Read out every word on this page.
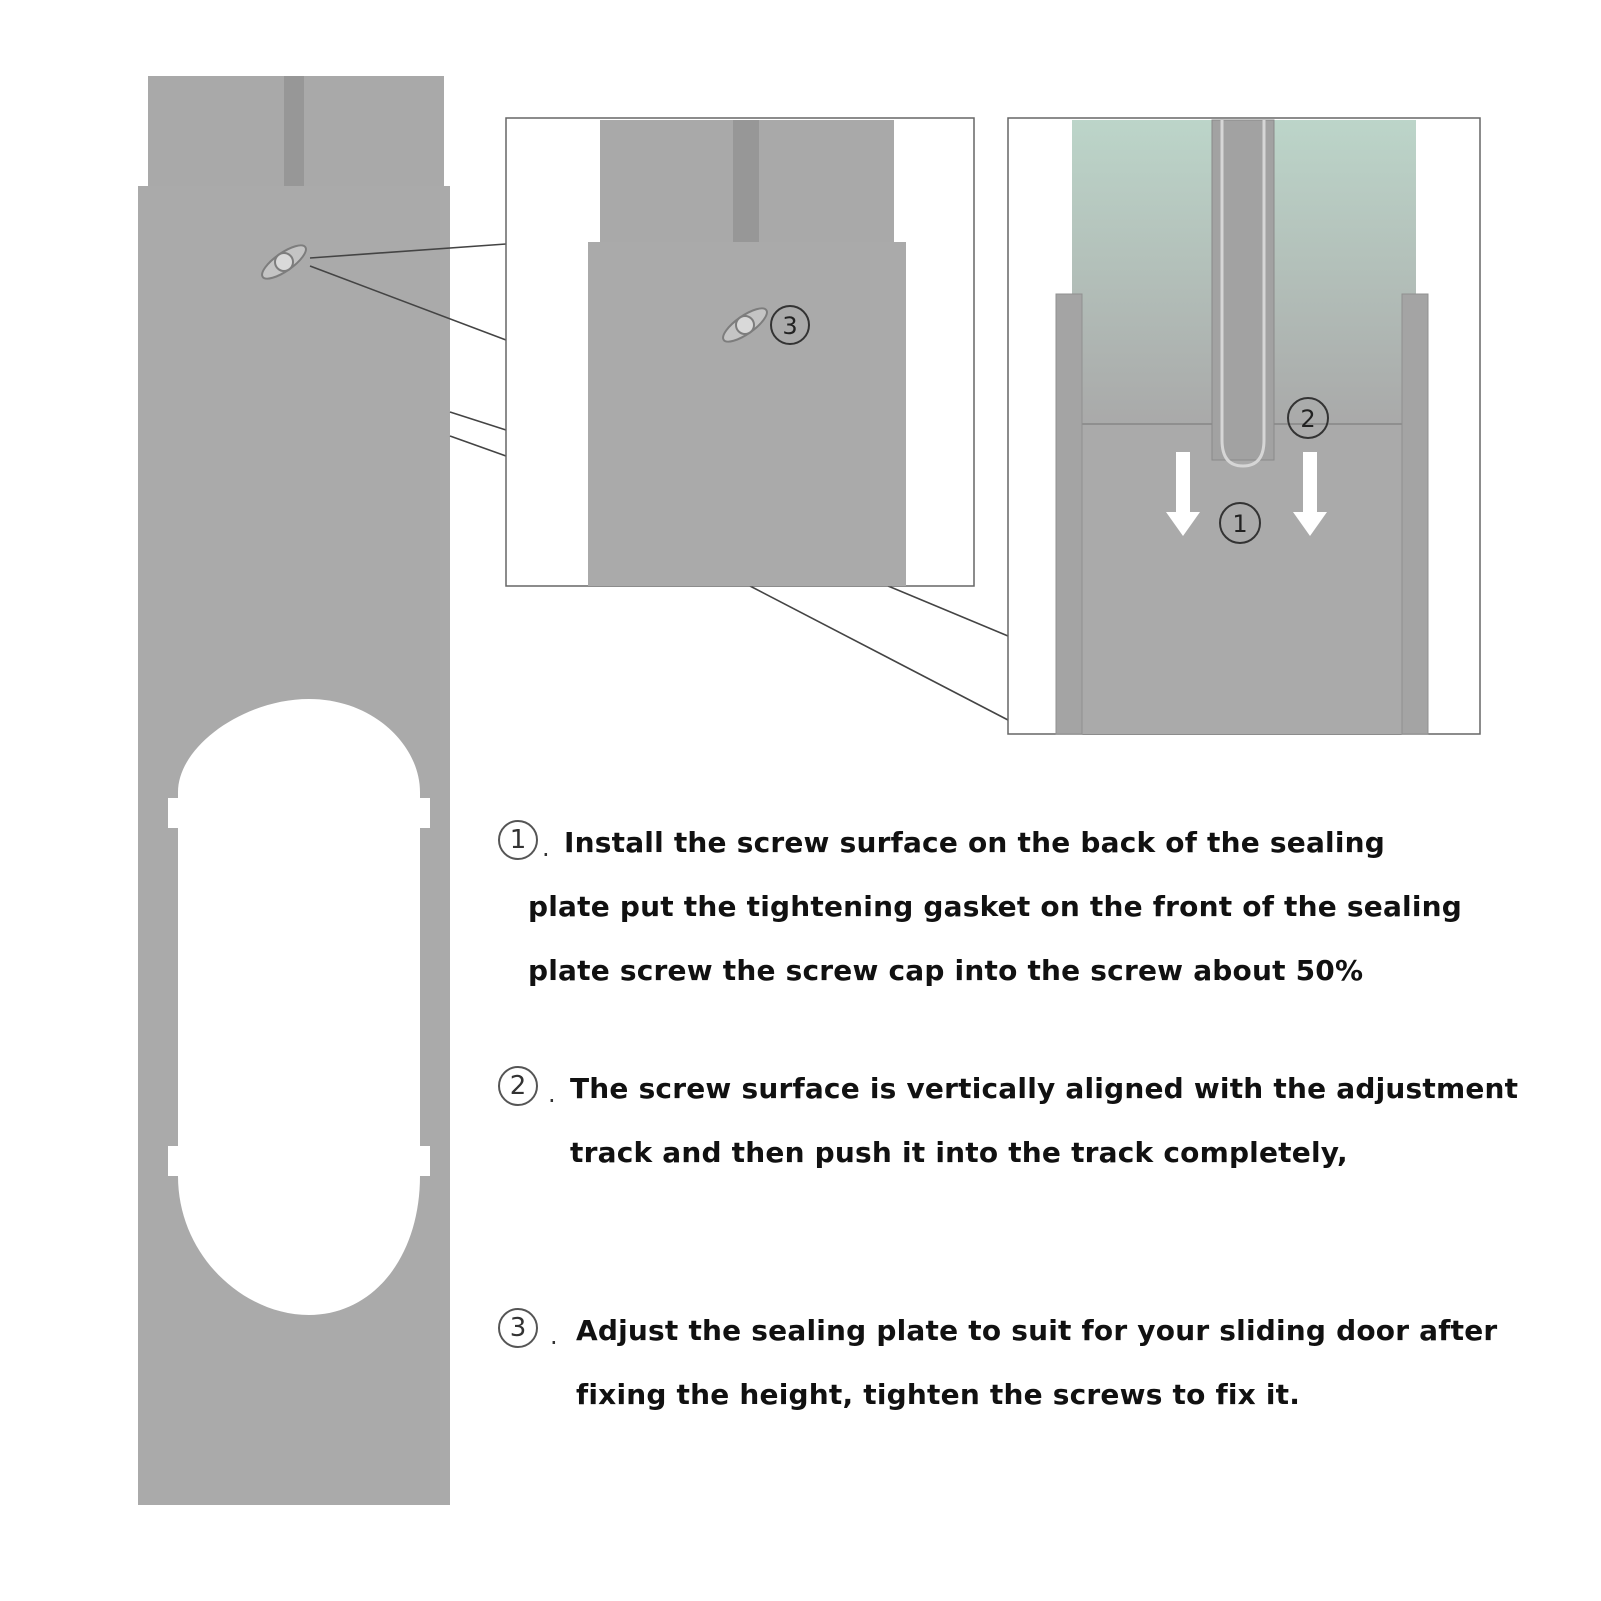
3
1
2
1 . Install the screw surface on the back of the sealing
plate put the tightening gasket on the front of the sealing
plate screw the screw cap into the screw about 50%
2 . The screw surface is vertically aligned with the adjustment
track and then push it into the track completely,
3 . Adjust the sealing plate to suit for your sliding door after
fixing the height, tighten the screws to fix it.
